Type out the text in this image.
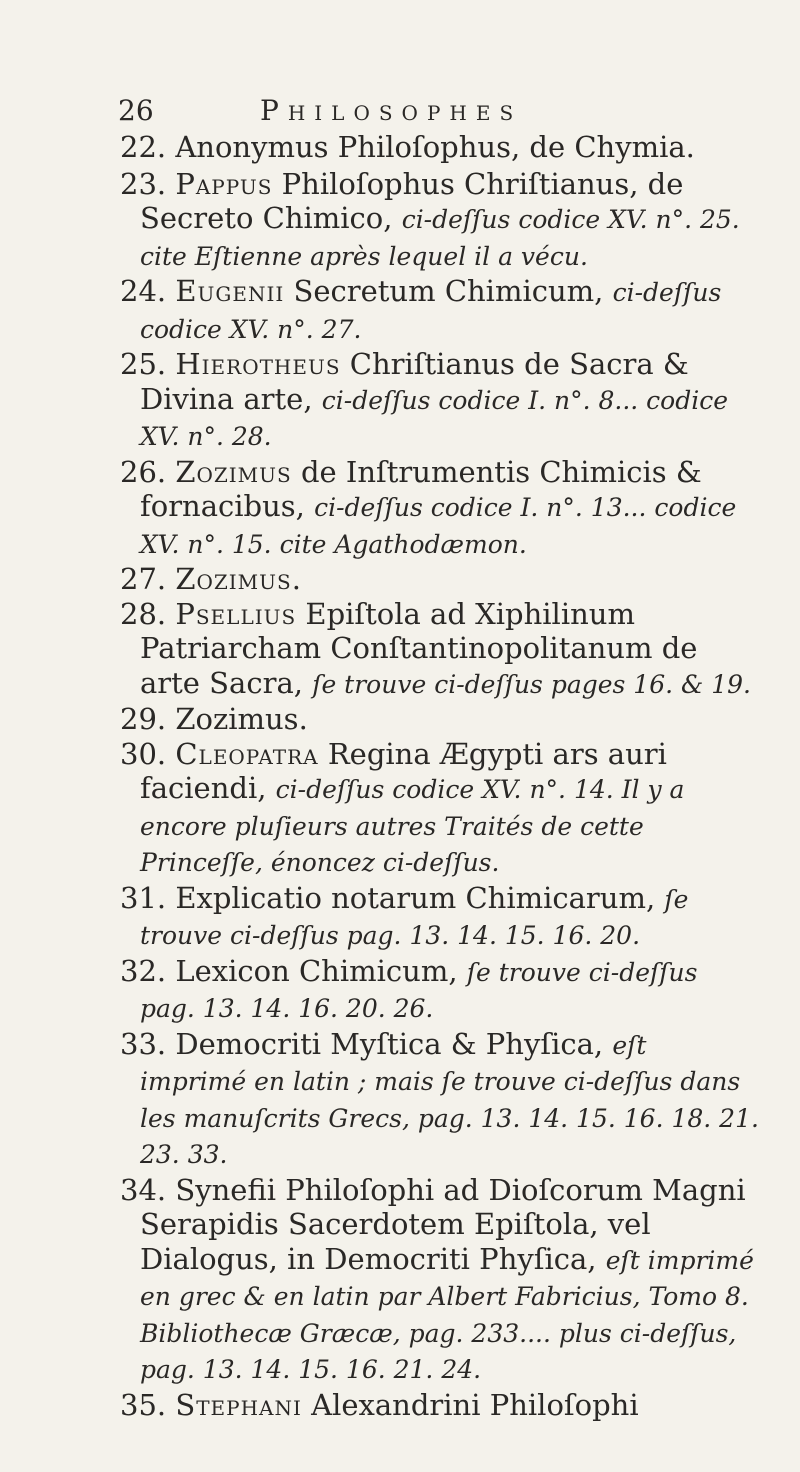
26	Philosophes

22. Anonymus Philoſophus, de Chymia.

23. Pappus Philoſophus Chriſtianus, de Secreto Chimico, ci-deſſus codice XV. n°. 25. cite Eſtienne après lequel il a vécu.

24. Eugenii Secretum Chimicum, ci-deſſus codice XV. n°. 27.

25. Hierotheus Chriſtianus de Sacra & Divina arte, ci-deſſus codice I. n°. 8... codice XV. n°. 28.

26. Zozimus de Inſtrumentis Chimicis & fornacibus, ci-deſſus codice I. n°. 13... codice XV. n°. 15. cite Agathodæmon.

27. Zozimus.

28. Psellius Epiſtola ad Xiphilinum Patriarcham Conſtantinopolitanum de arte Sacra, ſe trouve ci-deſſus pages 16. & 19.

29. Zozimus.

30. Cleopatra Regina Ægypti ars auri faciendi, ci-deſſus codice XV. n°. 14. Il y a encore pluſieurs autres Traités de cette Princeſſe, énoncez ci-deſſus.

31. Explicatio notarum Chimicarum, ſe trouve ci-deſſus pag. 13. 14. 15. 16. 20.

32. Lexicon Chimicum, ſe trouve ci-deſſus pag. 13. 14. 16. 20. 26.

33. Democriti Myſtica & Phyſica, eſt imprimé en latin ; mais ſe trouve ci-deſſus dans les manuſcrits Grecs, pag. 13. 14. 15. 16. 18. 21. 23. 33.

34. Synefii Philoſophi ad Dioſcorum Magni Serapidis Sacerdotem Epiſtola, vel Dialogus, in Democriti Phyſica, eſt imprimé en grec & en latin par Albert Fabricius, Tomo 8. Bibliothecæ Græcæ, pag. 233.... plus ci-deſſus, pag. 13. 14. 15. 16. 21. 24.

35. Stephani Alexandrini Philoſophi
